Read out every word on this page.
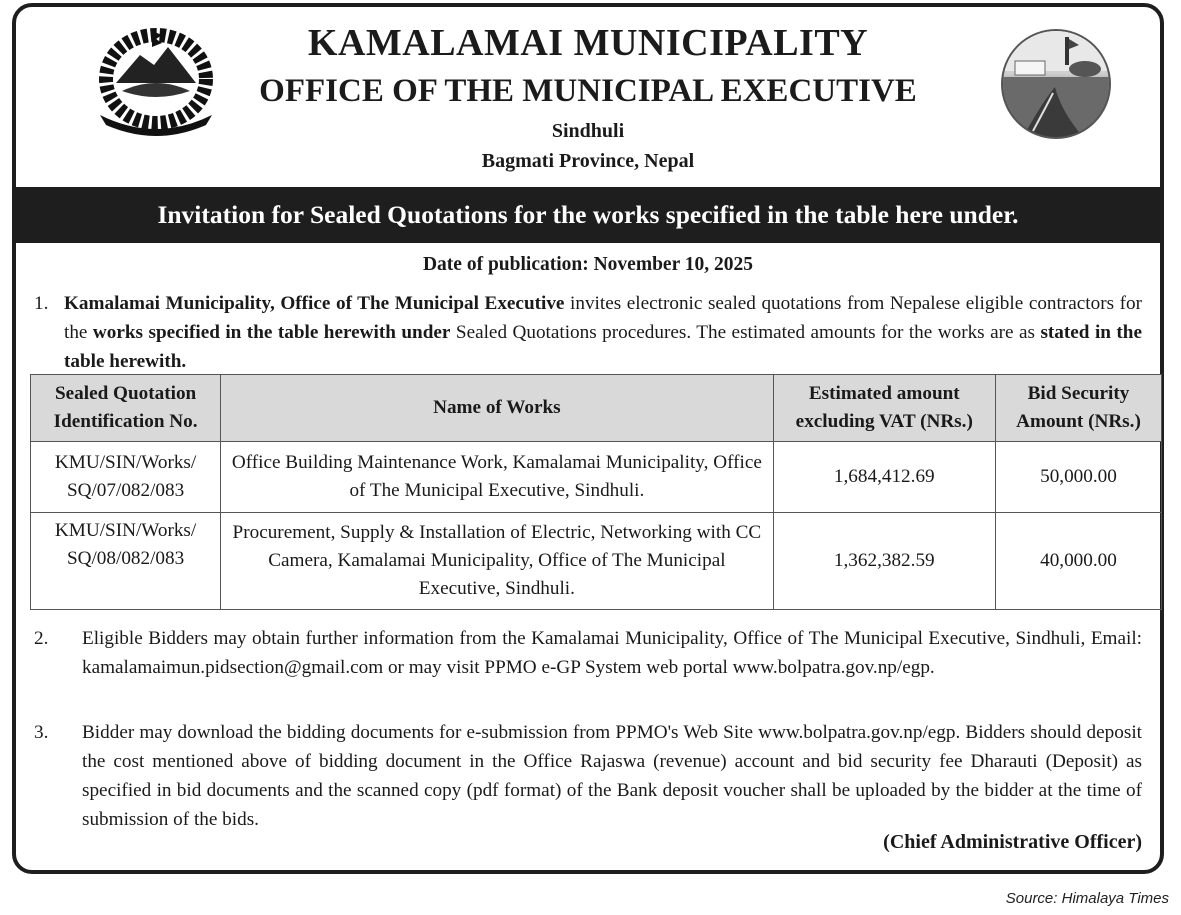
KAMALAMAI MUNICIPALITY
OFFICE OF THE MUNICIPAL EXECUTIVE
Sindhuli
Bagmati Province, Nepal
Invitation for Sealed Quotations for the works specified in the table here under.
Date of publication: November 10, 2025
1. Kamalamai Municipality, Office of The Municipal Executive invites electronic sealed quotations from Nepalese eligible contractors for the works specified in the table herewith under Sealed Quotations procedures. The estimated amounts for the works are as stated in the table herewith.
Sealed Quotation Identification No.	Name of Works	Estimated amount excluding VAT (NRs.)	Bid Security Amount (NRs.)
KMU/SIN/Works/
SQ/07/082/083	Office Building Maintenance Work, Kamalamai Municipality, Office of The Municipal Executive, Sindhuli.	1,684,412.69	50,000.00
KMU/SIN/Works/
SQ/08/082/083	Procurement, Supply & Installation of Electric, Networking with CC Camera, Kamalamai Municipality, Office of The Municipal Executive, Sindhuli.	1,362,382.59	40,000.00
2. Eligible Bidders may obtain further information from the Kamalamai Municipality, Office of The Municipal Executive, Sindhuli, Email: kamalamaimun.pidsection@gmail.com or may visit PPMO e-GP System web portal www.bolpatra.gov.np/egp.
3. Bidder may download the bidding documents for e-submission from PPMO's Web Site www.bolpatra.gov.np/egp. Bidders should deposit the cost mentioned above of bidding document in the Office Rajaswa (revenue) account and bid security fee Dharauti (Deposit) as specified in bid documents and the scanned copy (pdf format) of the Bank deposit voucher shall be uploaded by the bidder at the time of submission of the bids.
(Chief Administrative Officer)
Source: Himalaya Times
